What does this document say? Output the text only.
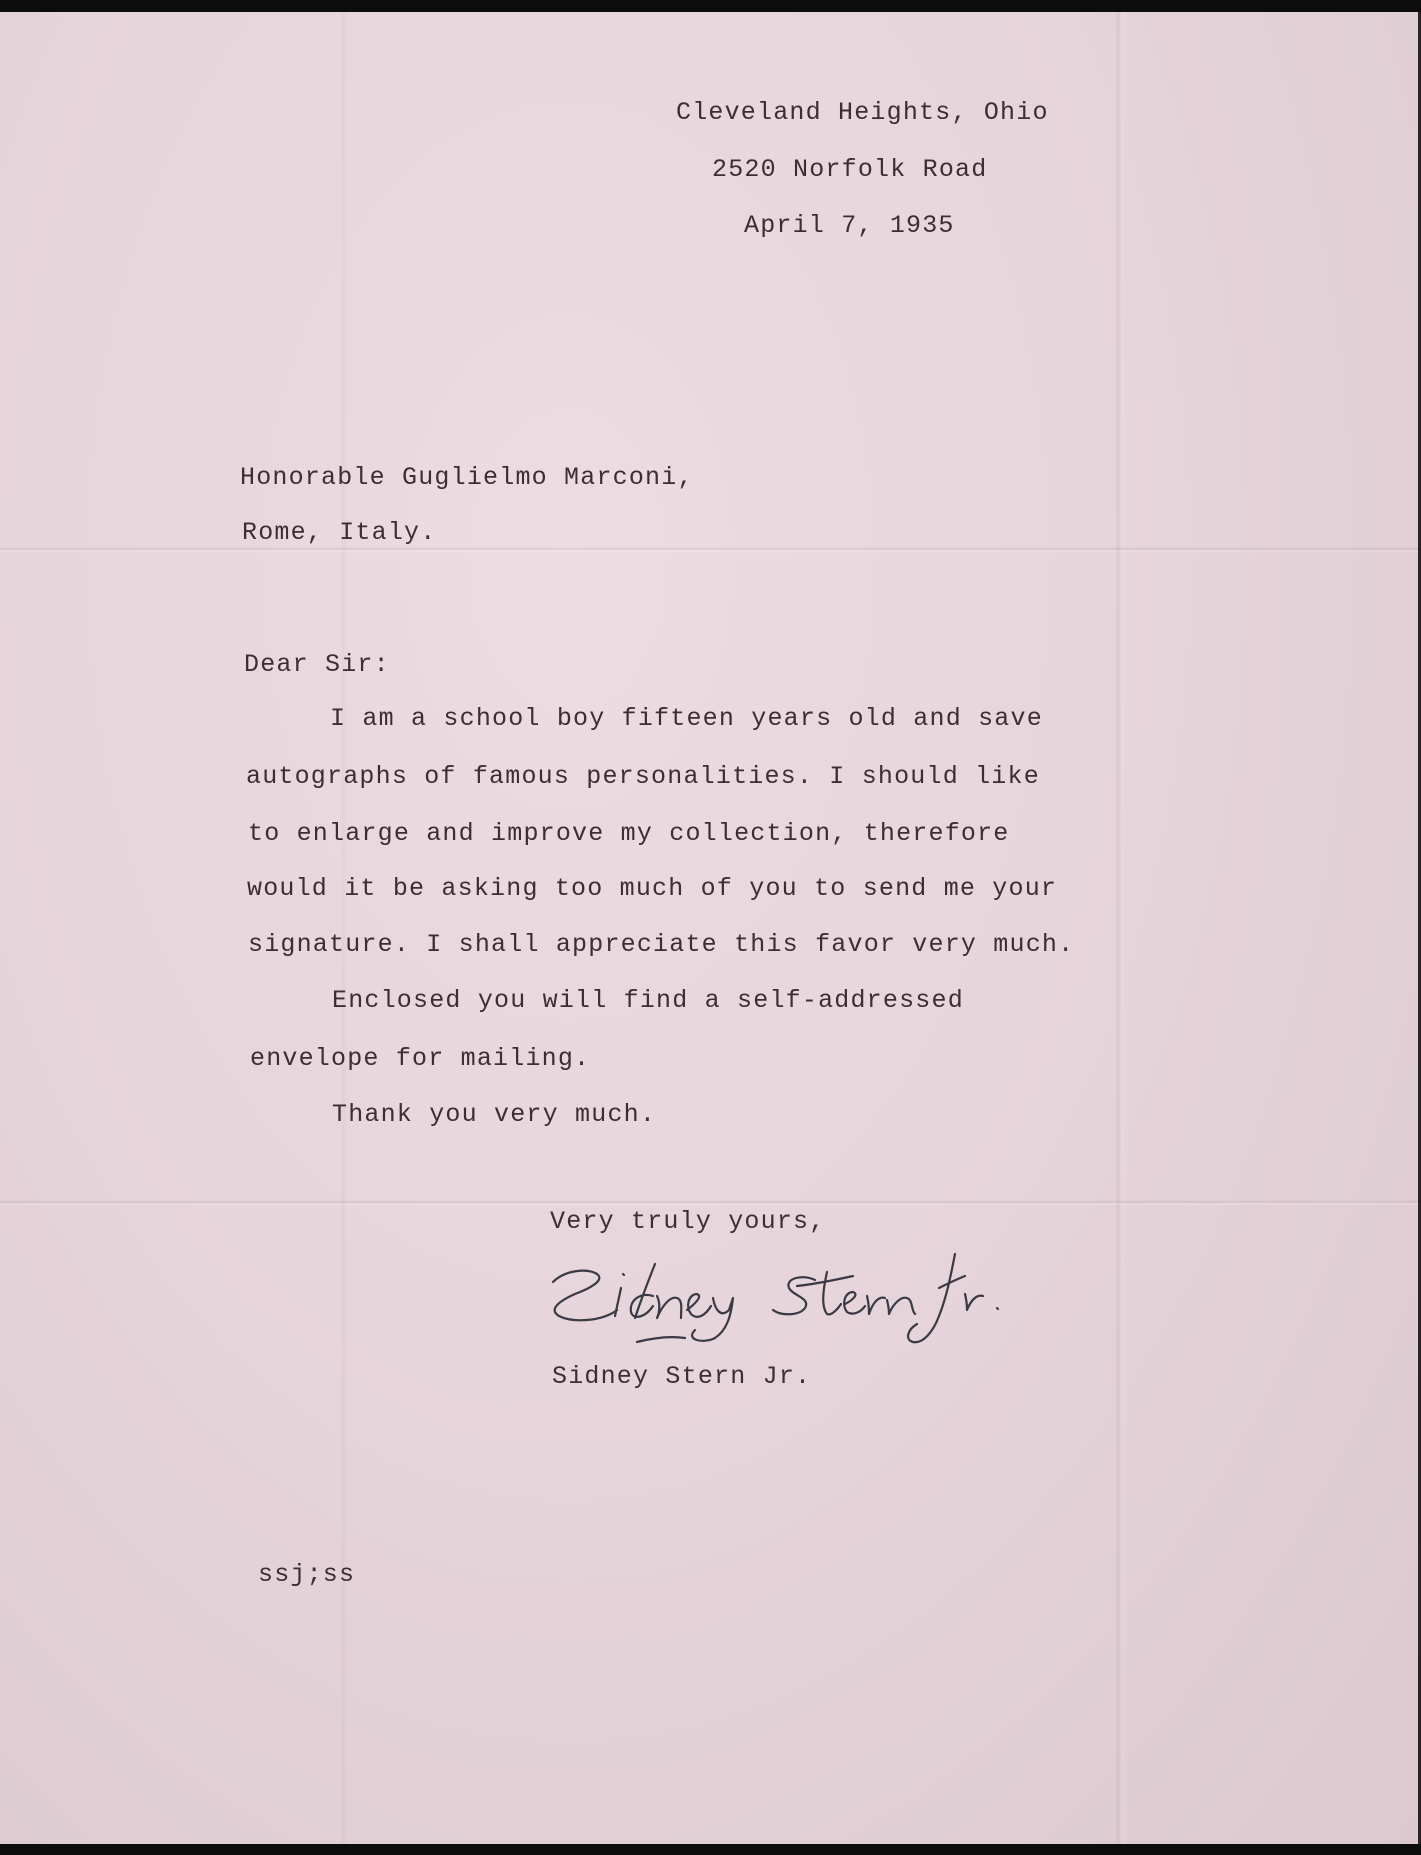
Cleveland Heights, Ohio
2520 Norfolk Road
April 7, 1935
Honorable Guglielmo Marconi,
Rome, Italy.
Dear Sir:
I am a school boy fifteen years old and save
autographs of famous personalities. I should like
to enlarge and improve my collection, therefore
would it be asking too much of you to send me your
signature. I shall appreciate this favor very much.
Enclosed you will find a self-addressed
envelope for mailing.
Thank you very much.
Very truly yours,
Sidney Stern Jr.
ssj;ss
